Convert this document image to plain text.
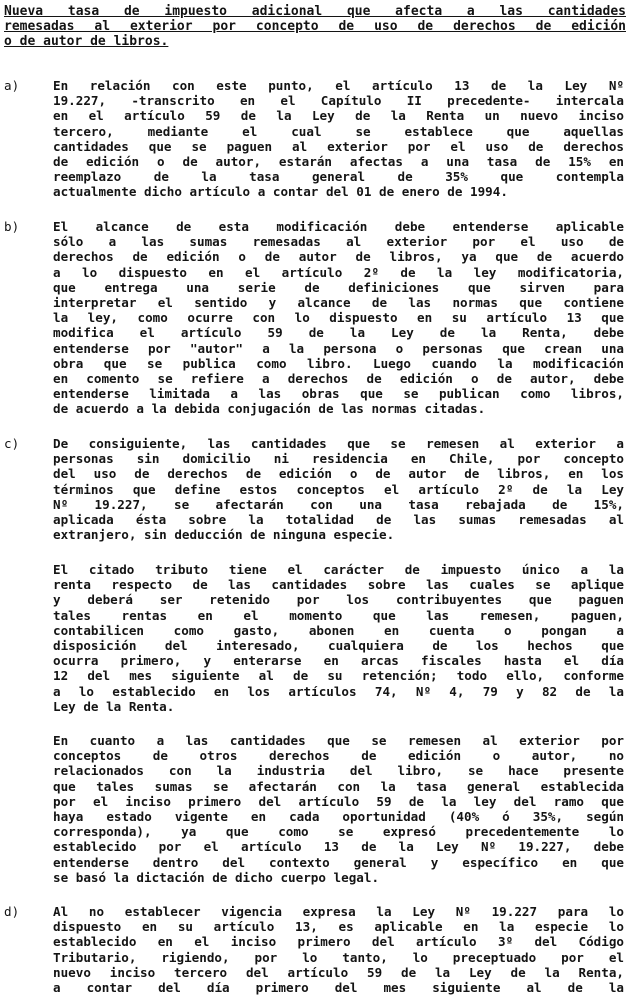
Nueva tasa de impuesto adicional que afecta a las cantidades
remesadas al exterior por concepto de uso de derechos de edición
o de autor de libros.
a)	En relación con este punto, el artículo 13 de la Ley Nº
19.227, -transcrito en el Capítulo II precedente- intercala
en el artículo 59 de la Ley de la Renta un nuevo inciso
tercero, mediante el cual se establece que aquellas
cantidades que se paguen al exterior por el uso de derechos
de edición o de autor, estarán afectas a una tasa de 15% en
reemplazo de la tasa general de 35% que contempla
actualmente dicho artículo a contar del 01 de enero de 1994.
b)	El alcance de esta modificación debe entenderse aplicable
sólo a las sumas remesadas al exterior por el uso de
derechos de edición o de autor de libros, ya que de acuerdo
a lo dispuesto en el artículo 2º de la ley modificatoria,
que entrega una serie de definiciones que sirven para
interpretar el sentido y alcance de las normas que contiene
la ley, como ocurre con lo dispuesto en su artículo 13 que
modifica el artículo 59 de la Ley de la Renta, debe
entenderse por "autor" a la persona o personas que crean una
obra que se publica como libro. Luego cuando la modificación
en comento se refiere a derechos de edición o de autor, debe
entenderse limitada a las obras que se publican como libros,
de acuerdo a la debida conjugación de las normas citadas.
c)	De consiguiente, las cantidades que se remesen al exterior a
personas sin domicilio ni residencia en Chile, por concepto
del uso de derechos de edición o de autor de libros, en los
términos que define estos conceptos el artículo 2º de la Ley
Nº 19.227, se afectarán con una tasa rebajada de 15%,
aplicada ésta sobre la totalidad de las sumas remesadas al
extranjero, sin deducción de ninguna especie.
El citado tributo tiene el carácter de impuesto único a la
renta respecto de las cantidades sobre las cuales se aplique
y deberá ser retenido por los contribuyentes que paguen
tales rentas en el momento que las remesen, paguen,
contabilicen como gasto, abonen en cuenta o pongan a
disposición del interesado, cualquiera de los hechos que
ocurra primero, y enterarse en arcas fiscales hasta el día
12 del mes siguiente al de su retención; todo ello, conforme
a lo establecido en los artículos 74, Nº 4, 79 y 82 de la
Ley de la Renta.
En cuanto a las cantidades que se remesen al exterior por
conceptos de otros derechos de edición o autor, no
relacionados con la industria del libro, se hace presente
que tales sumas se afectarán con la tasa general establecida
por el inciso primero del artículo 59 de la ley del ramo que
haya estado vigente en cada oportunidad (40% ó 35%, según
corresponda), ya que como se expresó precedentemente lo
establecido por el artículo 13 de la Ley Nº 19.227, debe
entenderse dentro del contexto general y específico en que
se basó la dictación de dicho cuerpo legal.
d)	Al no establecer vigencia expresa la Ley Nº 19.227 para lo
dispuesto en su artículo 13, es aplicable en la especie lo
establecido en el inciso primero del artículo 3º del Código
Tributario, rigiendo, por lo tanto, lo preceptuado por el
nuevo inciso tercero del artículo 59 de la Ley de la Renta,
a contar del día primero del mes siguiente al de la
